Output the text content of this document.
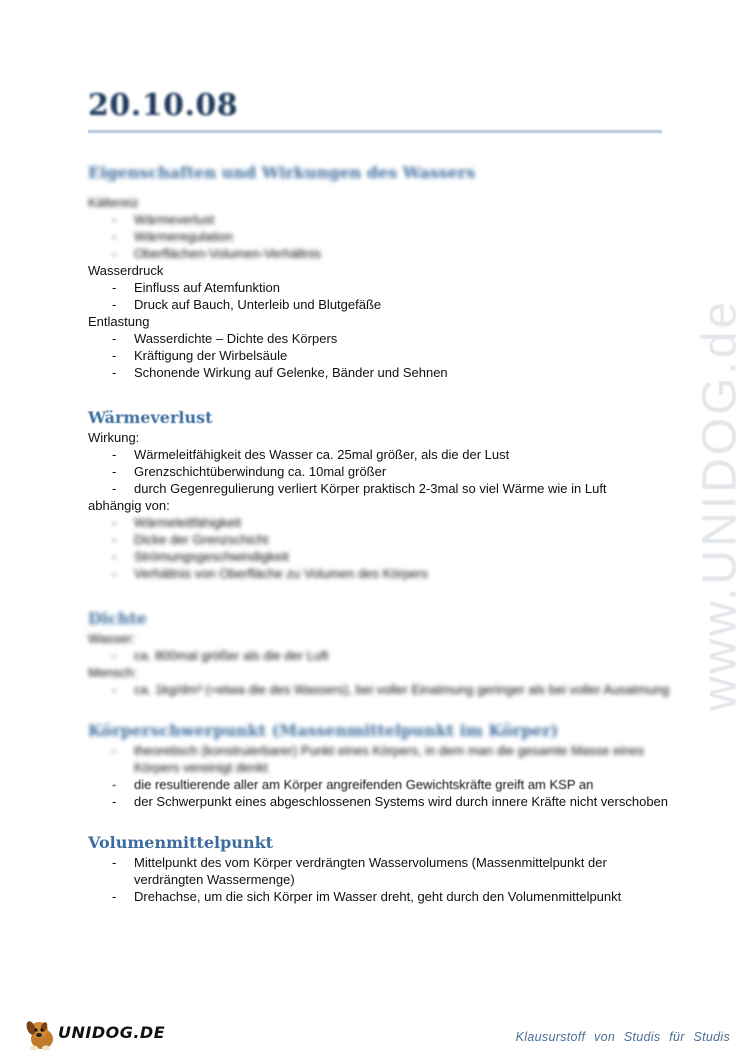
20.10.08
Eigenschaften und Wirkungen des Wassers

Kältereiz

- Wärmeverlust
- Wärmeregulation
- Oberflächen-Volumen-Verhältnis

Wasserdruck

- Einfluss auf Atemfunktion
- Druck auf Bauch, Unterleib und Blutgefäße

Entlastung

- Wasserdichte – Dichte des Körpers
- Kräftigung der Wirbelsäule
- Schonende Wirkung auf Gelenke, Bänder und Sehnen
Wärmeverlust

Wirkung:

- Wärmeleitfähigkeit des Wasser ca. 25mal größer, als die der Lust
- Grenzschichtüberwindung ca. 10mal größer
- durch Gegenregulierung verliert Körper praktisch 2-3mal so viel Wärme wie in Luft

abhängig von:

- Wärmeleitfähigkeit
- Dicke der Grenzschicht
- Strömungsgeschwindigkeit
- Verhältnis von Oberfläche zu Volumen des Körpers
Dichte

Wasser:

- ca. 800mal größer als die der Luft

Mensch:

- ca. 1kg/dm³ (=etwa die des Wassers), bei voller Einatmung geringer als bei voller Ausatmung
Körperschwerpunkt (Massenmittelpunkt im Körper)
- theoretisch (konstruierbarer) Punkt eines Körpers, in dem man die gesamte Masse eines Körpers vereinigt denkt
- die resultierende aller am Körper angreifenden Gewichtskräfte greift am KSP an
- der Schwerpunkt eines abgeschlossenen Systems wird durch innere Kräfte nicht verschoben
Volumenmittelpunkt
- Mittelpunkt des vom Körper verdrängten Wasservolumens (Massenmittelpunkt der verdrängten Wassermenge)
- Drehachse, um die sich Körper im Wasser dreht, geht durch den Volumenmittelpunkt
www.UNIDOG.de
UNIDOG.DE	Klausurstoff von Studis für Studis
